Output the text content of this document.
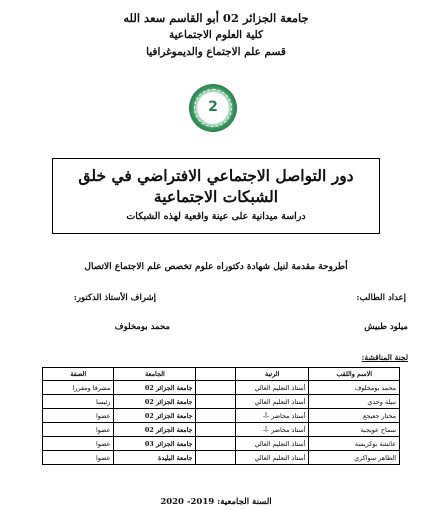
جامعة الجزائر 02 أبو القاسم سعد الله
كلية العلوم الاجتماعية
قسم علم الاجتماع والديموغرافيا
2
دور التواصل الاجتماعي الافتراضي في خلق
الشبكات الاجتماعية
دراسة ميدانية على عينة واقعية لهذه الشبكات
أطروحة مقدمة لنيل شهادة دكتوراه علوم تخصص علم الاجتماع الاتصال
إعداد الطالب:
ميلود طبيش
إشراف الأستاذ الدكتور:
محمد بومخلوف
لجنة المناقشة:
الاسم واللقب	الرتبة		الجامعة	الصفة
محمد بومخلوف	أستاذ التعليم العالي		جامعة الجزائر 02	مشرفا ومقررا
نبيلة وحدي	أستاذ التعليم العالي		جامعة الجزائر 02	رئيسا
مختار جعيجع	أستاذ محاضر -أ-		جامعة الجزائر 02	عضوا
سماح عويجبة	أستاذ محاضر -أ-		جامعة الجزائر 02	عضوا
عائشة بوكريسة	أستاذ التعليم العالي		جامعة الجزائر 03	عضوا
الطاهر سواكري	أستاذ التعليم العالي		جامعة البليدة	عضوا
السنة الجامعية: 2019- 2020
